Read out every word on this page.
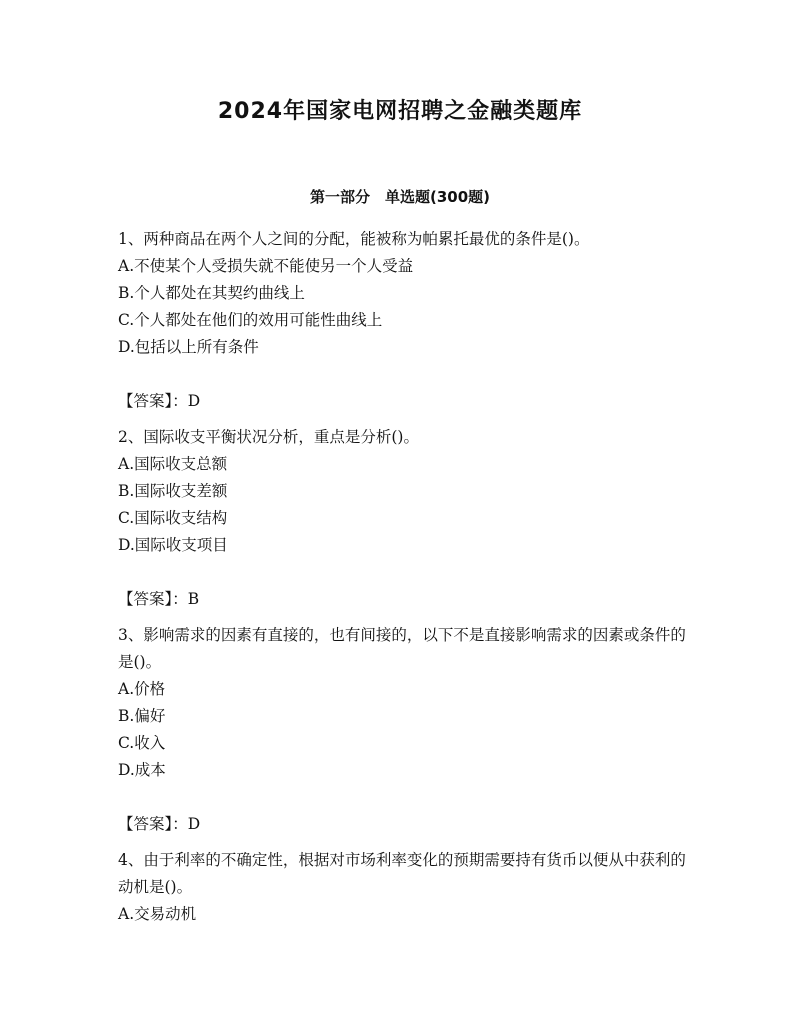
2024年国家电网招聘之金融类题库
第一部分　单选题(300题)

1、两种商品在两个人之间的分配，能被称为帕累托最优的条件是()。

A.不使某个人受损失就不能使另一个人受益

B.个人都处在其契约曲线上

C.个人都处在他们的效用可能性曲线上

D.包括以上所有条件

【答案】：D

2、国际收支平衡状况分析，重点是分析()。

A.国际收支总额

B.国际收支差额

C.国际收支结构

D.国际收支项目

【答案】：B

3、影响需求的因素有直接的，也有间接的，以下不是直接影响需求的因素或条件的是()。

A.价格

B.偏好

C.收入

D.成本

【答案】：D

4、由于利率的不确定性，根据对市场利率变化的预期需要持有货币以便从中获利的动机是()。

A.交易动机
